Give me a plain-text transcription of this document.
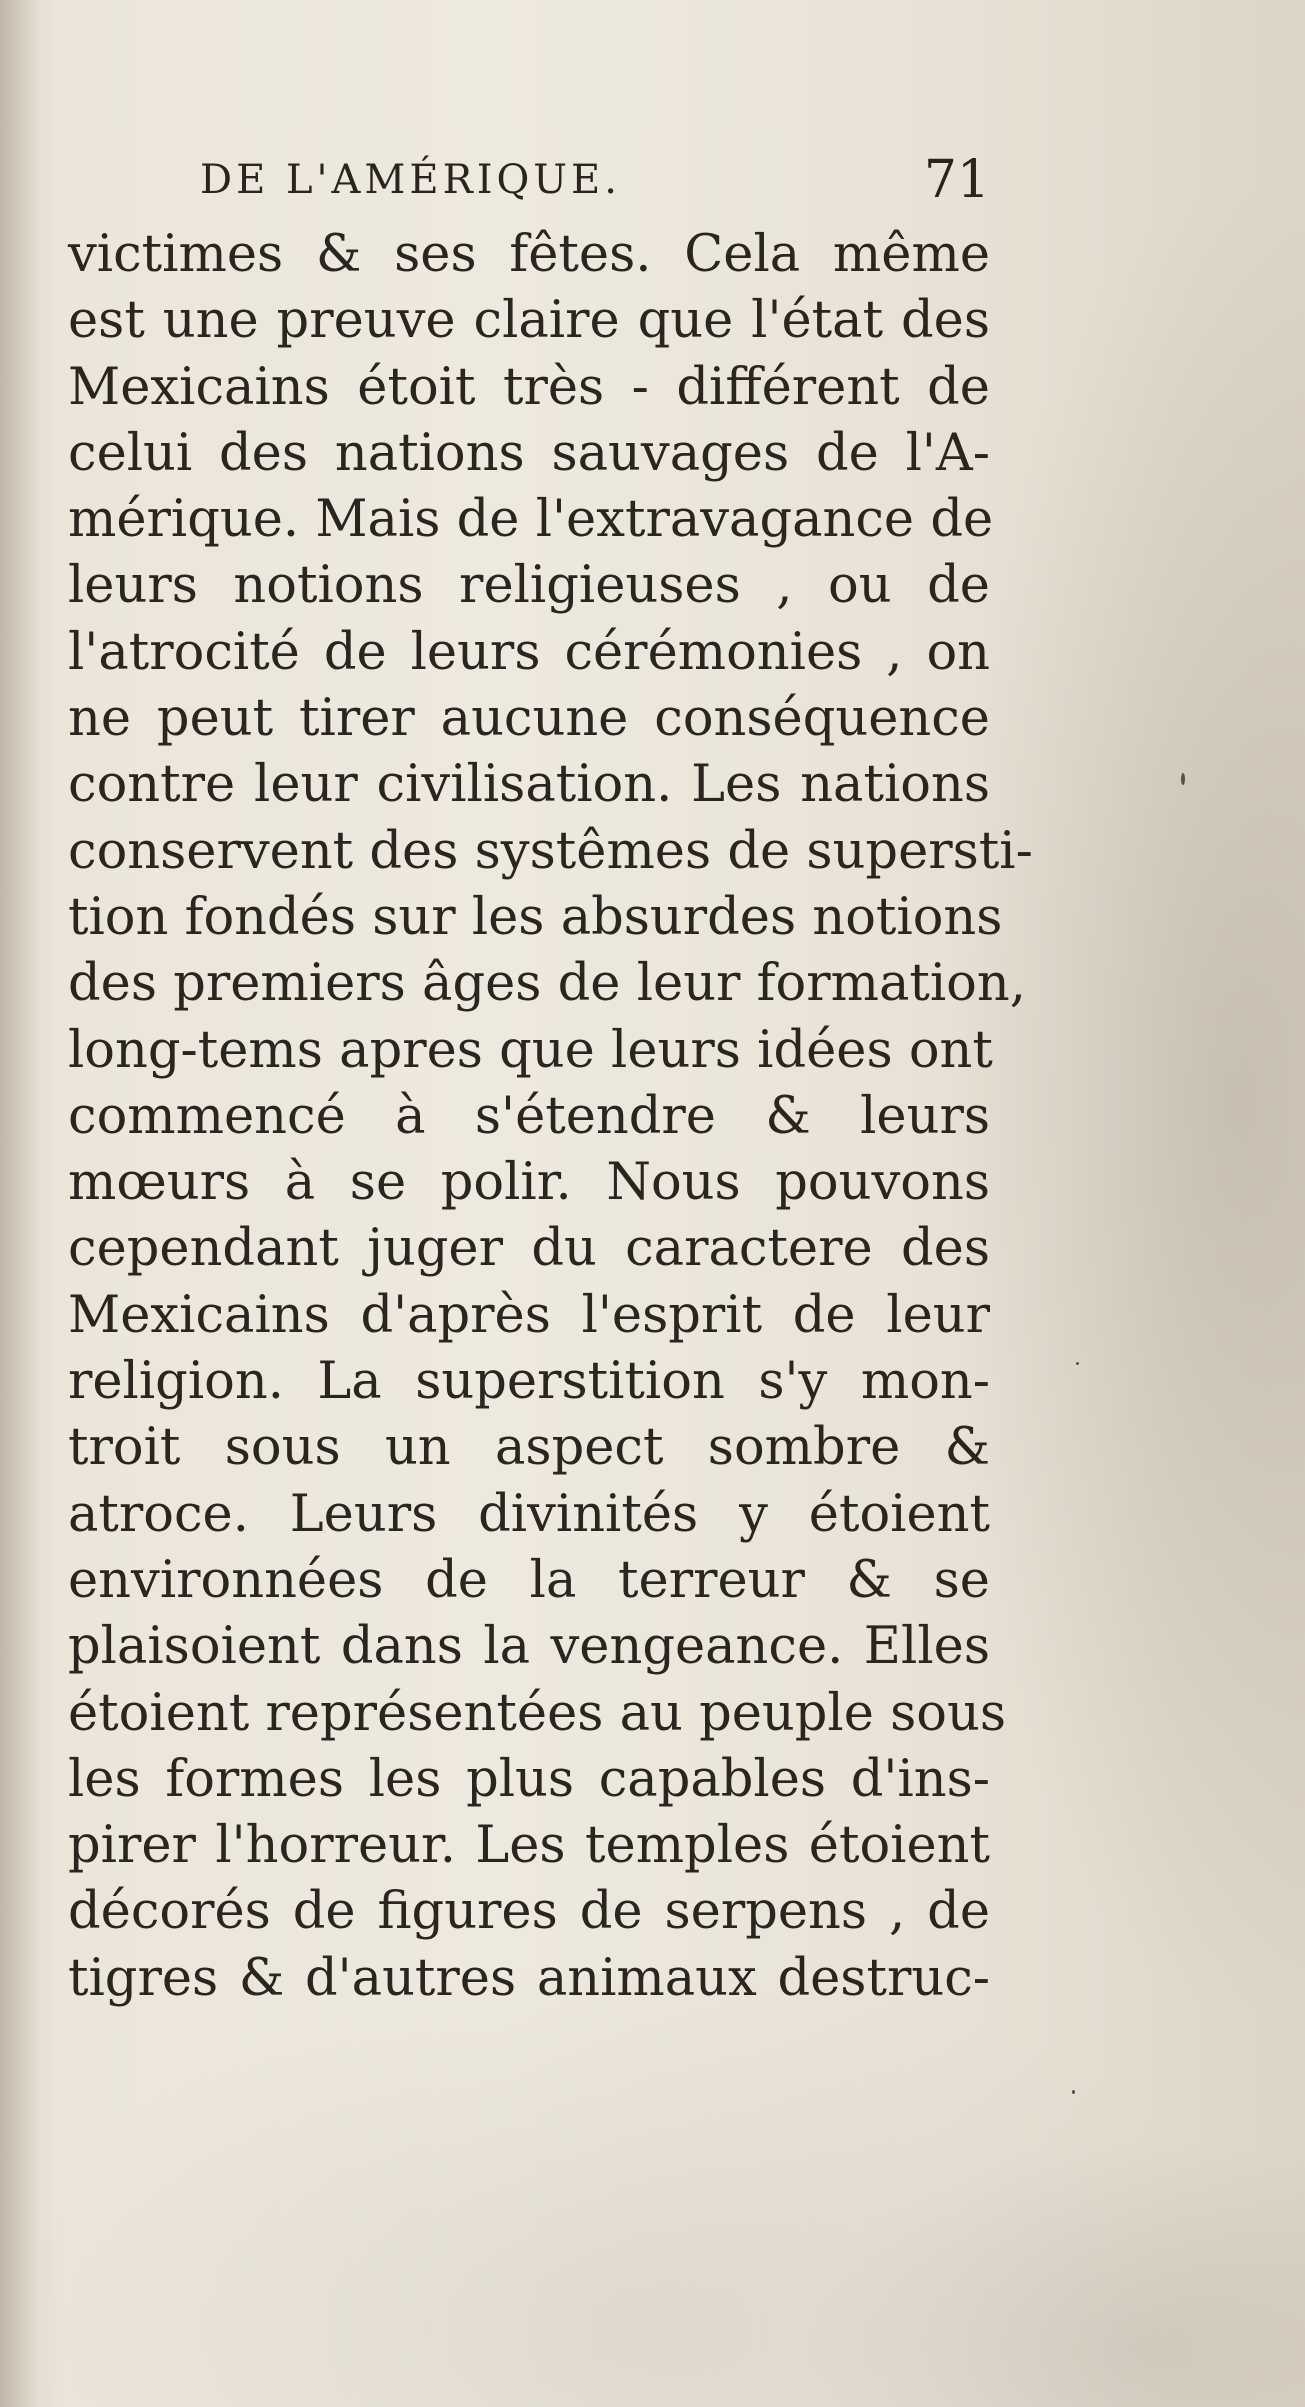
DE L'AMÉRIQUE.	71
victimes & ses fêtes. Cela même
est une preuve claire que l'état des
Mexicains étoit très - différent de
celui des nations sauvages de l'A-
mérique. Mais de l'extravagance de
leurs notions religieuses , ou de
l'atrocité de leurs cérémonies , on
ne peut tirer aucune conséquence
contre leur civilisation. Les nations
conservent des systêmes de supersti-
tion fondés sur les absurdes notions
des premiers âges de leur formation,
long-tems apres que leurs idées ont
commencé à s'étendre & leurs
mœurs à se polir. Nous pouvons
cependant juger du caractere des
Mexicains d'après l'esprit de leur
religion. La superstition s'y mon-
troit sous un aspect sombre &
atroce. Leurs divinités y étoient
environnées de la terreur & se
plaisoient dans la vengeance. Elles
étoient représentées au peuple sous
les formes les plus capables d'ins-
pirer l'horreur. Les temples étoient
décorés de figures de serpens , de
tigres & d'autres animaux destruc-
